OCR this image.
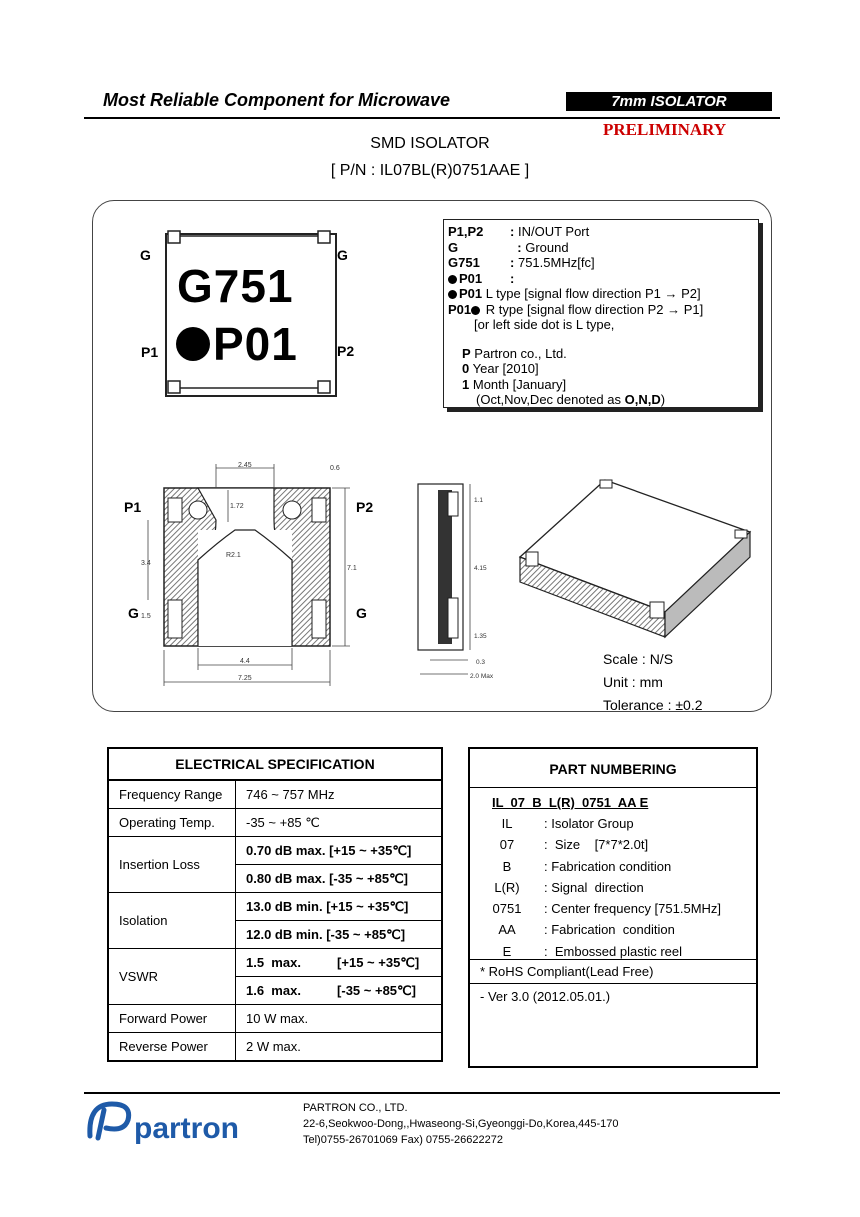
Most Reliable Component for Microwave	7mm ISOLATOR
PRELIMINARY
SMD ISOLATOR
[ P/N : IL07BL(R)0751AAE ]
G	G
P1	P2
G751
P01
P1,P2 : IN/OUT Port
G	: Ground
G751 : 751.5MHz[fc]
P01 :
P01 L type [signal flow direction P1 → P2]
P01 R type [signal flow direction P2 → P1]
[or left side dot is L type,
P Partron co., Ltd.
0 Year [2010]
1 Month [January]
(Oct,Nov,Dec denoted as O,N,D)
P1	P2
G	G
2.45	0.6
1.72
3.4
1.5
7.1
R2.1
4.4
7.25
1.1
4.15
1.35
0.3
2.0 Max
Scale : N/S
Unit : mm
Tolerance : ±0.2
ELECTRICAL SPECIFICATION
Frequency Range	746 ~ 757 MHz
Operating Temp.	-35 ~ +85 ℃
Insertion Loss	0.70 dB max. [+15 ~ +35℃]
	0.80 dB max. [-35 ~ +85℃]
Isolation	13.0 dB min. [+15 ~ +35℃]
	12.0 dB min. [-35 ~ +85℃]
VSWR	1.5  max.          [+15 ~ +35℃]
	1.6  max.          [-35 ~ +85℃]
Forward Power	10 W max.
Reverse Power	2 W max.
PART NUMBERING
IL  07  B  L(R)  0751  AA E
IL : Isolator Group
07 :  Size    [7*7*2.0t]
B	: Fabrication condition
L(R) : Signal  direction
0751 : Center frequency [751.5MHz]
AA : Fabrication  condition
E	:  Embossed plastic reel
* RoHS Compliant(Lead Free)
- Ver 3.0 (2012.05.01.)
partron
PARTRON CO., LTD.
22-6,Seokwoo-Dong,,Hwaseong-Si,Gyeonggi-Do,Korea,445-170
Tel)0755-26701069 Fax) 0755-26622272
